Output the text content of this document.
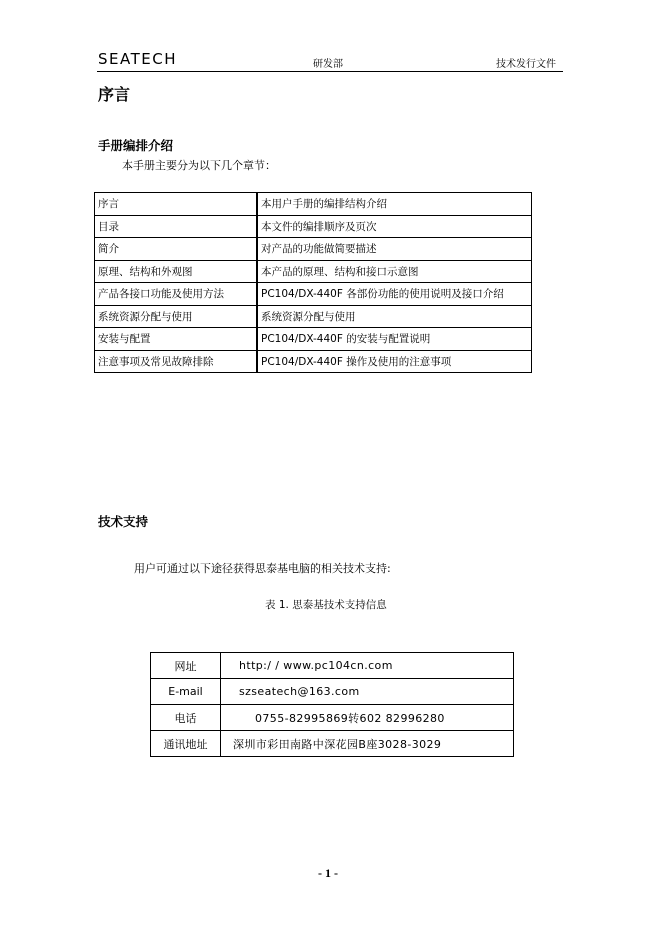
SEATECH	研发部	技术发行文件
序言
手册编排介绍
本手册主要分为以下几个章节：
序言	本用户手册的编排结构介绍
目录	本文件的编排顺序及页次
简介	对产品的功能做简要描述
原理、结构和外观图	本产品的原理、结构和接口示意图
产品各接口功能及使用方法	PC104/DX-440F 各部份功能的使用说明及接口介绍
系统资源分配与使用	系统资源分配与使用
安装与配置	PC104/DX-440F 的安装与配置说明
注意事项及常见故障排除	PC104/DX-440F 操作及使用的注意事项
技术支持
用户可通过以下途径获得思泰基电脑的相关技术支持:
表 1. 思泰基技术支持信息
网址	http:/ / www.pc104cn.com
E-mail	szseatech@163.com
电话	0755-82995869转602 82996280
通讯地址	深圳市彩田南路中深花园B座3028-3029
- 1 -
